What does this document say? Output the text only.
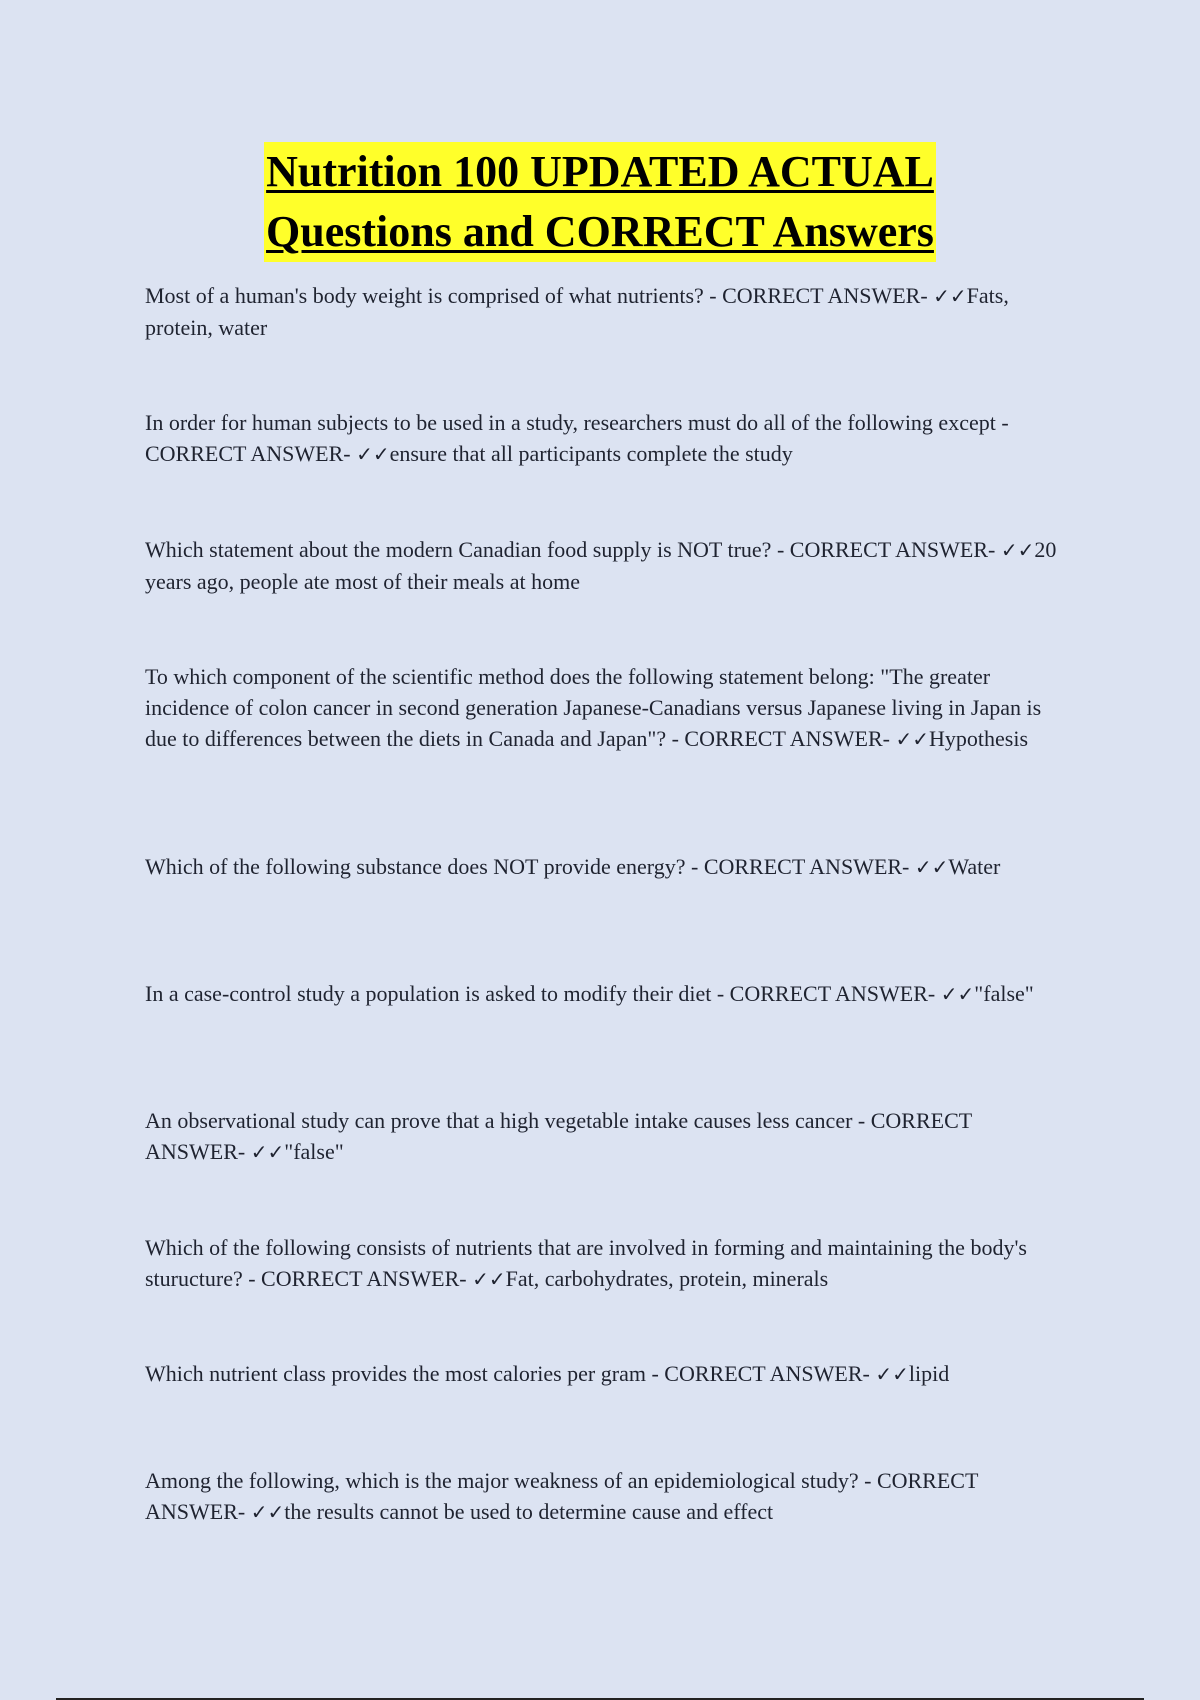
Nutrition 100 UPDATED ACTUAL
Questions and CORRECT Answers

Most of a human's body weight is comprised of what nutrients? - CORRECT ANSWER- ✓✓Fats, protein, water

In order for human subjects to be used in a study, researchers must do all of the following except - CORRECT ANSWER- ✓✓ensure that all participants complete the study

Which statement about the modern Canadian food supply is NOT true? - CORRECT ANSWER- ✓✓20 years ago, people ate most of their meals at home

To which component of the scientific method does the following statement belong: "The greater incidence of colon cancer in second generation Japanese-Canadians versus Japanese living in Japan is due to differences between the diets in Canada and Japan"? - CORRECT ANSWER- ✓✓Hypothesis

Which of the following substance does NOT provide energy? - CORRECT ANSWER- ✓✓Water

In a case-control study a population is asked to modify their diet - CORRECT ANSWER- ✓✓"false"

An observational study can prove that a high vegetable intake causes less cancer - CORRECT ANSWER- ✓✓"false"

Which of the following consists of nutrients that are involved in forming and maintaining the body's sturucture? - CORRECT ANSWER- ✓✓Fat, carbohydrates, protein, minerals

Which nutrient class provides the most calories per gram - CORRECT ANSWER- ✓✓lipid

Among the following, which is the major weakness of an epidemiological study? - CORRECT ANSWER- ✓✓the results cannot be used to determine cause and effect
